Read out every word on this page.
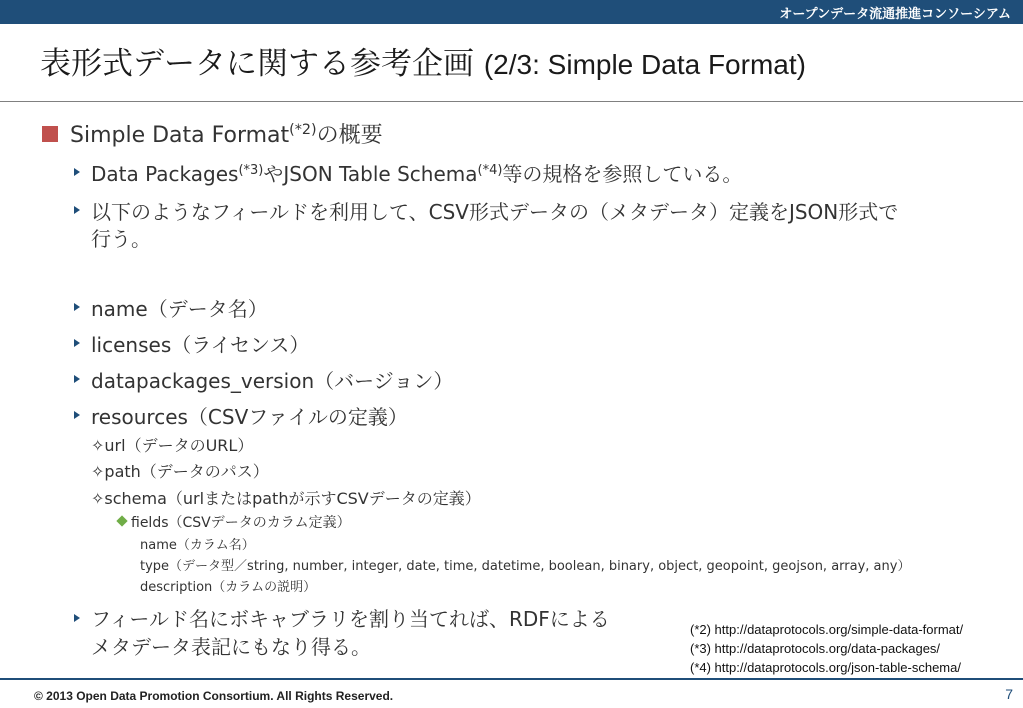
オープンデータ流通推進コンソーシアム
表形式データに関する参考企画 (2/3: Simple Data Format)
Simple Data Format$^{(*2)}$の概要
Data Packages$^{(*3)}$やJSON Table Schema$^{(*4)}$等の規格を参照している。
以下のようなフィールドを利用して、CSV形式データの（メタデータ）定義をJSON形式で
行う。
name（データ名）
licenses（ライセンス）
datapackages_version（バージョン）
resources（CSVファイルの定義）
✧url（データのURL）
✧path（データのパス）
✧schema（urlまたはpathが示すCSVデータの定義）
fields（CSVデータのカラム定義）
name（カラム名）
type（データ型／string, number, integer, date, time, datetime, boolean, binary, object, geopoint, geojson, array, any）
description（カラムの説明）
フィールド名にボキャブラリを割り当てれば、RDFによる
メタデータ表記にもなり得る。
(*2) http://dataprotocols.org/simple-data-format/
(*3) http://dataprotocols.org/data-packages/
(*4) http://dataprotocols.org/json-table-schema/
© 2013 Open Data Promotion Consortium. All Rights Reserved.	7
